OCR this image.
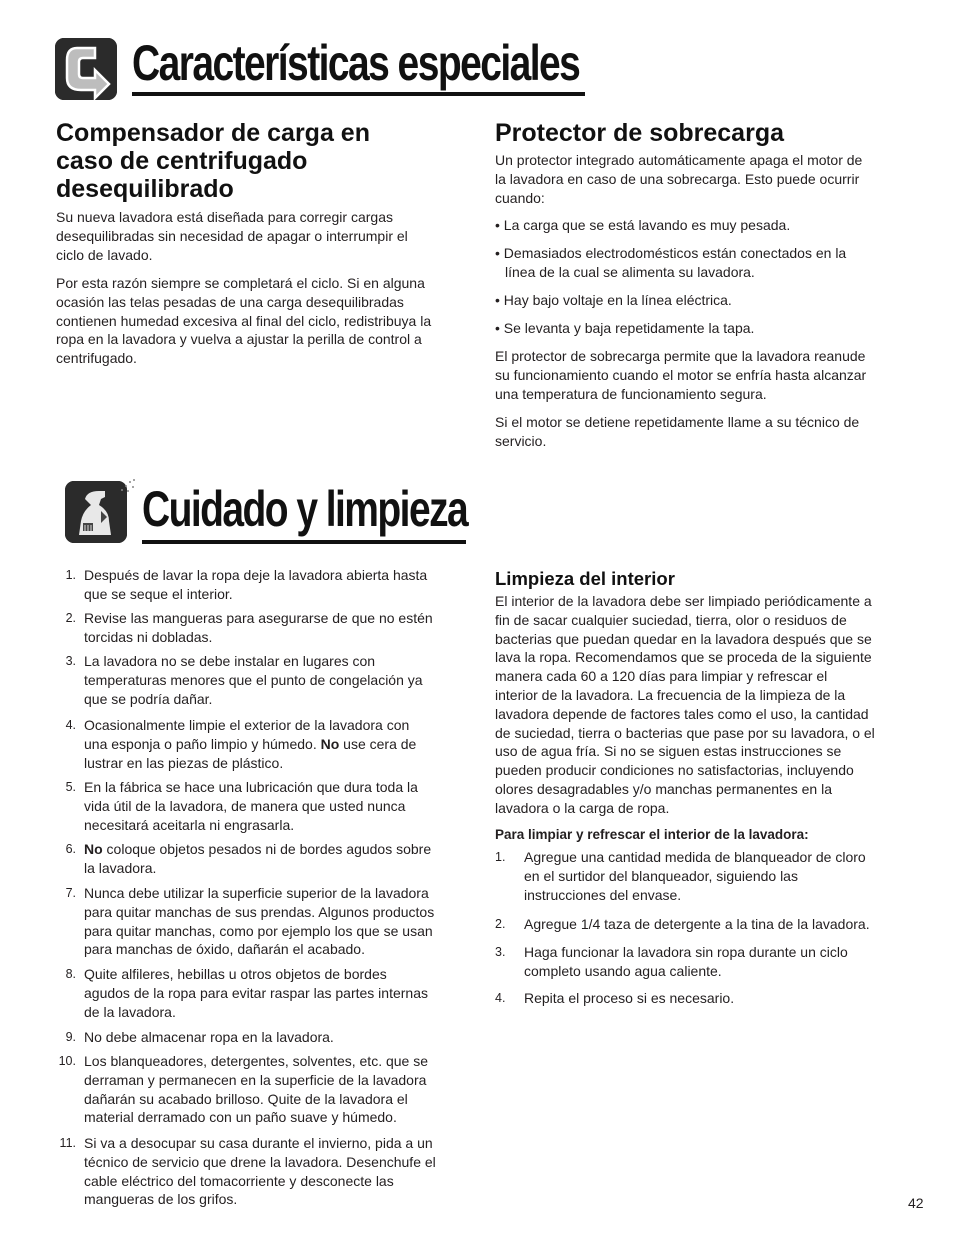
Características especiales
Compensador de carga en
caso de centrifugado
desequilibrado
Su nueva lavadora está diseñada para corregir cargas
desequilibradas sin necesidad de apagar o interrumpir el
ciclo de lavado.
Por esta razón siempre se completará el ciclo. Si en alguna
ocasión las telas pesadas de una carga desequilibradas
contienen humedad excesiva al final del ciclo, redistribuya la
ropa en la lavadora y vuelva a ajustar la perilla de control a
centrifugado.
Protector de sobrecarga
Un protector integrado automáticamente apaga el motor de
la lavadora en caso de una sobrecarga. Esto puede ocurrir
cuando:
• La carga que se está lavando es muy pesada.
• Demasiados electrodomésticos están conectados en la
línea de la cual se alimenta su lavadora.
• Hay bajo voltaje en la línea eléctrica.
• Se levanta y baja repetidamente la tapa.
El protector de sobrecarga permite que la lavadora reanude
su funcionamiento cuando el motor se enfría hasta alcanzar
una temperatura de funcionamiento segura.
Si el motor se detiene repetidamente llame a su técnico de
servicio.
Cuidado y limpieza
1. Después de lavar la ropa deje la lavadora abierta hasta
que se seque el interior.
2. Revise las mangueras para asegurarse de que no estén
torcidas ni dobladas.
3. La lavadora no se debe instalar en lugares con
temperaturas menores que el punto de congelación ya
que se podría dañar.
4. Ocasionalmente limpie el exterior de la lavadora con
una esponja o paño limpio y húmedo. No use cera de
lustrar en las piezas de plástico.
5. En la fábrica se hace una lubricación que dura toda la
vida útil de la lavadora, de manera que usted nunca
necesitará aceitarla ni engrasarla.
6. No coloque objetos pesados ni de bordes agudos sobre
la lavadora.
7. Nunca debe utilizar la superficie superior de la lavadora
para quitar manchas de sus prendas. Algunos productos
para quitar manchas, como por ejemplo los que se usan
para manchas de óxido, dañarán el acabado.
8. Quite alfileres, hebillas u otros objetos de bordes
agudos de la ropa para evitar raspar las partes internas
de la lavadora.
9. No debe almacenar ropa en la lavadora.
10. Los blanqueadores, detergentes, solventes, etc. que se
derraman y permanecen en la superficie de la lavadora
dañarán su acabado brilloso. Quite de la lavadora el
material derramado con un paño suave y húmedo.
11. Si va a desocupar su casa durante el invierno, pida a un
técnico de servicio que drene la lavadora. Desenchufe el
cable eléctrico del tomacorriente y desconecte las
mangueras de los grifos.
Limpieza del interior
El interior de la lavadora debe ser limpiado periódicamente a
fin de sacar cualquier suciedad, tierra, olor o residuos de
bacterias que puedan quedar en la lavadora después que se
lava la ropa. Recomendamos que se proceda de la siguiente
manera cada 60 a 120 días para limpiar y refrescar el
interior de la lavadora. La frecuencia de la limpieza de la
lavadora depende de factores tales como el uso, la cantidad
de suciedad, tierra o bacterias que pase por su lavadora, o el
uso de agua fría. Si no se siguen estas instrucciones se
pueden producir condiciones no satisfactorias, incluyendo
olores desagradables y/o manchas permanentes en la
lavadora o la carga de ropa.
Para limpiar y refrescar el interior de la lavadora:
1.	Agregue una cantidad medida de blanqueador de cloro
en el surtidor del blanqueador, siguiendo las
instrucciones del envase.
2.	Agregue 1/4 taza de detergente a la tina de la lavadora.
3.	Haga funcionar la lavadora sin ropa durante un ciclo
completo usando agua caliente.
4.	Repita el proceso si es necesario.
42
